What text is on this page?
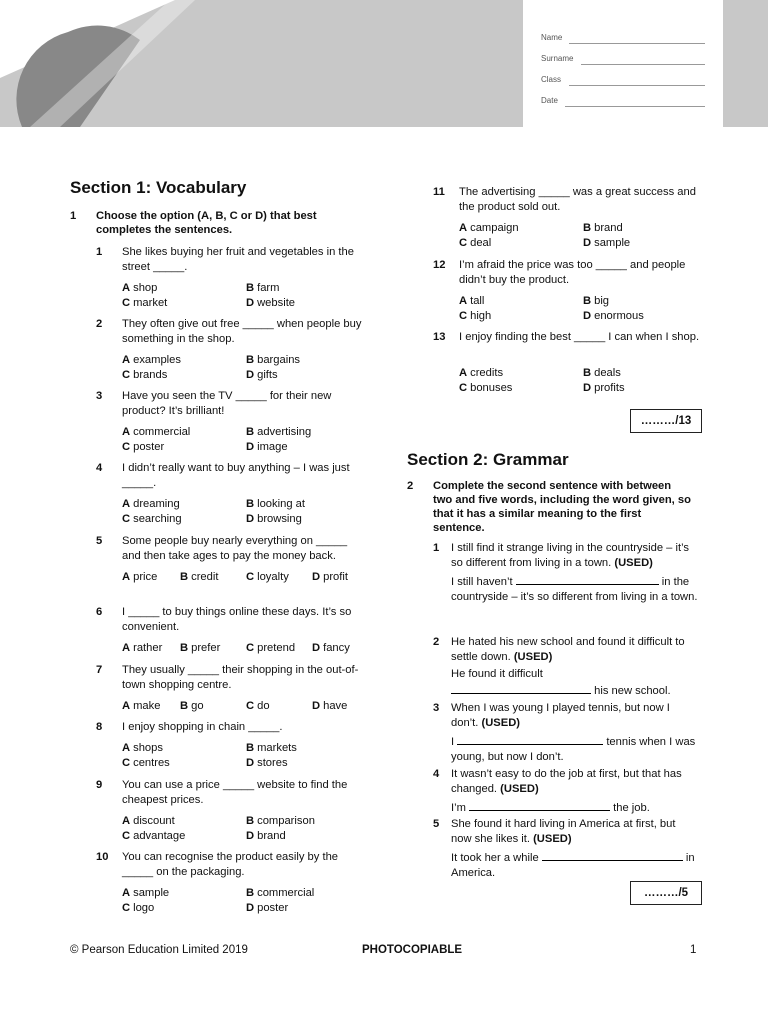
Name
Surname
Class
Date
Section 1: Vocabulary
1 Choose the option (A, B, C or D) that best completes the sentences.
1 She likes buying her fruit and vegetables in the street _____.
A shop	B farm
C market	D website
2 They often give out free _____ when people buy something in the shop.
A examples	B bargains
C brands	D gifts
3 Have you seen the TV _____ for their new product? It’s brilliant!
A commercial	B advertising
C poster	D image
4 I didn’t really want to buy anything – I was just _____.
A dreaming	B looking at
C searching	D browsing
5 Some people buy nearly everything on _____ and then take ages to pay the money back.
A price B credit C loyalty D profit
6 I _____ to buy things online these days. It’s so convenient.
A rather B prefer C pretend D fancy
7 They usually _____ their shopping in the out-of-town shopping centre.
A make B go	C do	D have
8 I enjoy shopping in chain _____.
A shops	B markets
C centres	D stores
9 You can use a price _____ website to find the cheapest prices.
A discount	B comparison
C advantage	D brand
10 You can recognise the product easily by the _____ on the packaging.
A sample	B commercial
C logo	D poster
11 The advertising _____ was a great success and the product sold out.
A campaign	B brand
C deal	D sample
12 I’m afraid the price was too _____ and people didn’t buy the product.
A tall	B big
C high	D enormous
13 I enjoy finding the best _____ I can when I shop.
A credits	B deals
C bonuses	D profits
………/13
Section 2: Grammar
2 Complete the second sentence with between two and five words, including the word given, so that it has a similar meaning to the first sentence.
1 I still find it strange living in the countryside – it’s so different from living in a town. (USED)
I still haven’t	in the countryside – it’s so different from living in a town.
2 He hated his new school and found it difficult to settle down. (USED)
He found it difficult
his new school.
3 When I was young I played tennis, but now I don’t. (USED)
I	tennis when I was young, but now I don’t.
4 It wasn’t easy to do the job at first, but that has changed. (USED)
I’m	the job.
5 She found it hard living in America at first, but now she likes it. (USED)
It took her a while	in America.
………/5
© Pearson Education Limited 2019	PHOTOCOPIABLE	1
